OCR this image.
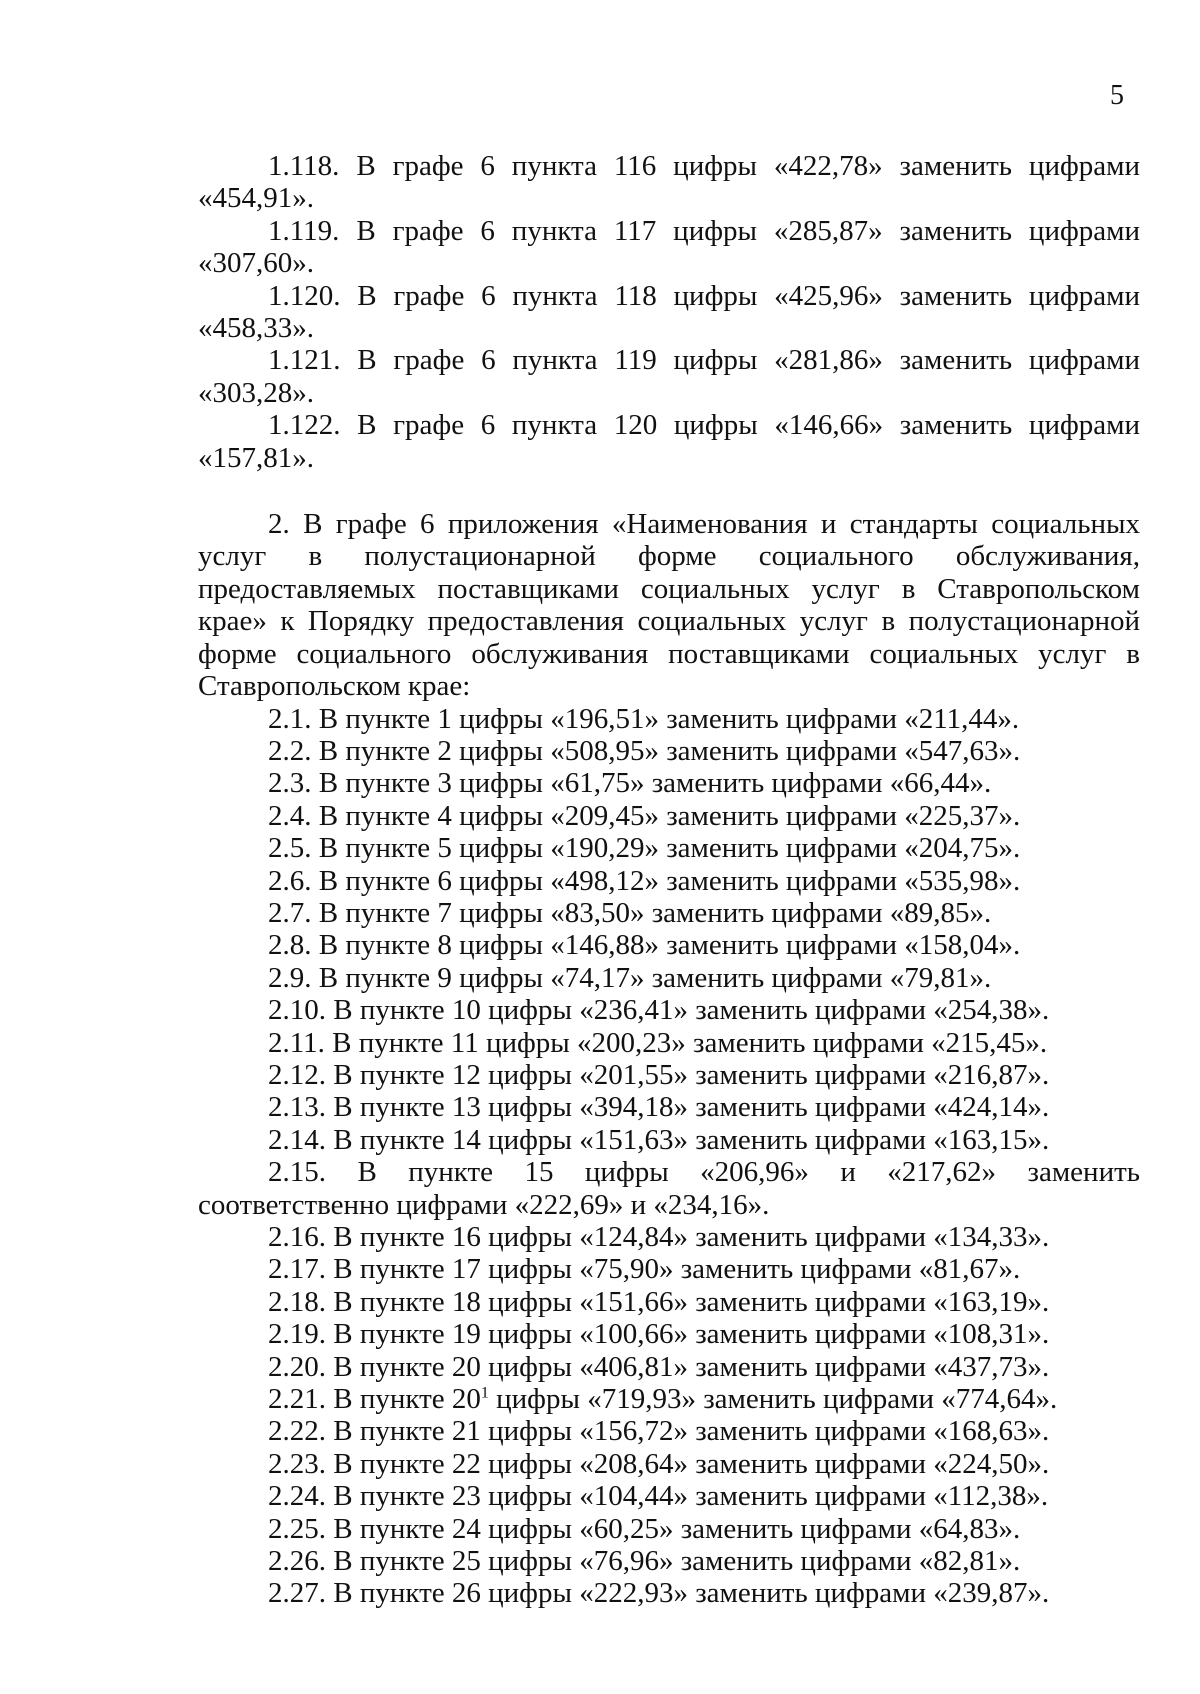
5

1.118. В графе 6 пункта 116 цифры «422,78» заменить цифрами «454,91».

1.119. В графе 6 пункта 117 цифры «285,87» заменить цифрами «307,60».

1.120. В графе 6 пункта 118 цифры «425,96» заменить цифрами «458,33».

1.121. В графе 6 пункта 119 цифры «281,86» заменить цифрами «303,28».

1.122. В графе 6 пункта 120 цифры «146,66» заменить цифрами «157,81».

2. В графе 6 приложения «Наименования и стандарты социальных услуг в полустационарной форме социального обслуживания, предоставляемых поставщиками социальных услуг в Ставропольском крае» к Порядку предоставления социальных услуг в полустационарной форме социального обслуживания поставщиками социальных услуг в Ставропольском крае:

2.1. В пункте 1 цифры «196,51» заменить цифрами «211,44».

2.2. В пункте 2 цифры «508,95» заменить цифрами «547,63».

2.3. В пункте 3 цифры «61,75» заменить цифрами «66,44».

2.4. В пункте 4 цифры «209,45» заменить цифрами «225,37».

2.5. В пункте 5 цифры «190,29» заменить цифрами «204,75».

2.6. В пункте 6 цифры «498,12» заменить цифрами «535,98».

2.7. В пункте 7 цифры «83,50» заменить цифрами «89,85».

2.8. В пункте 8 цифры «146,88» заменить цифрами «158,04».

2.9. В пункте 9 цифры «74,17» заменить цифрами «79,81».

2.10. В пункте 10 цифры «236,41» заменить цифрами «254,38».

2.11. В пункте 11 цифры «200,23» заменить цифрами «215,45».

2.12. В пункте 12 цифры «201,55» заменить цифрами «216,87».

2.13. В пункте 13 цифры «394,18» заменить цифрами «424,14».

2.14. В пункте 14 цифры «151,63» заменить цифрами «163,15».

2.15. В пункте 15 цифры «206,96» и «217,62» заменить соответственно цифрами «222,69» и «234,16».

2.16. В пункте 16 цифры «124,84» заменить цифрами «134,33».

2.17. В пункте 17 цифры «75,90» заменить цифрами «81,67».

2.18. В пункте 18 цифры «151,66» заменить цифрами «163,19».

2.19. В пункте 19 цифры «100,66» заменить цифрами «108,31».

2.20. В пункте 20 цифры «406,81» заменить цифрами «437,73».

2.21. В пункте $20^1$ цифры «719,93» заменить цифрами «774,64».

2.22. В пункте 21 цифры «156,72» заменить цифрами «168,63».

2.23. В пункте 22 цифры «208,64» заменить цифрами «224,50».

2.24. В пункте 23 цифры «104,44» заменить цифрами «112,38».

2.25. В пункте 24 цифры «60,25» заменить цифрами «64,83».

2.26. В пункте 25 цифры «76,96» заменить цифрами «82,81».

2.27. В пункте 26 цифры «222,93» заменить цифрами «239,87».
